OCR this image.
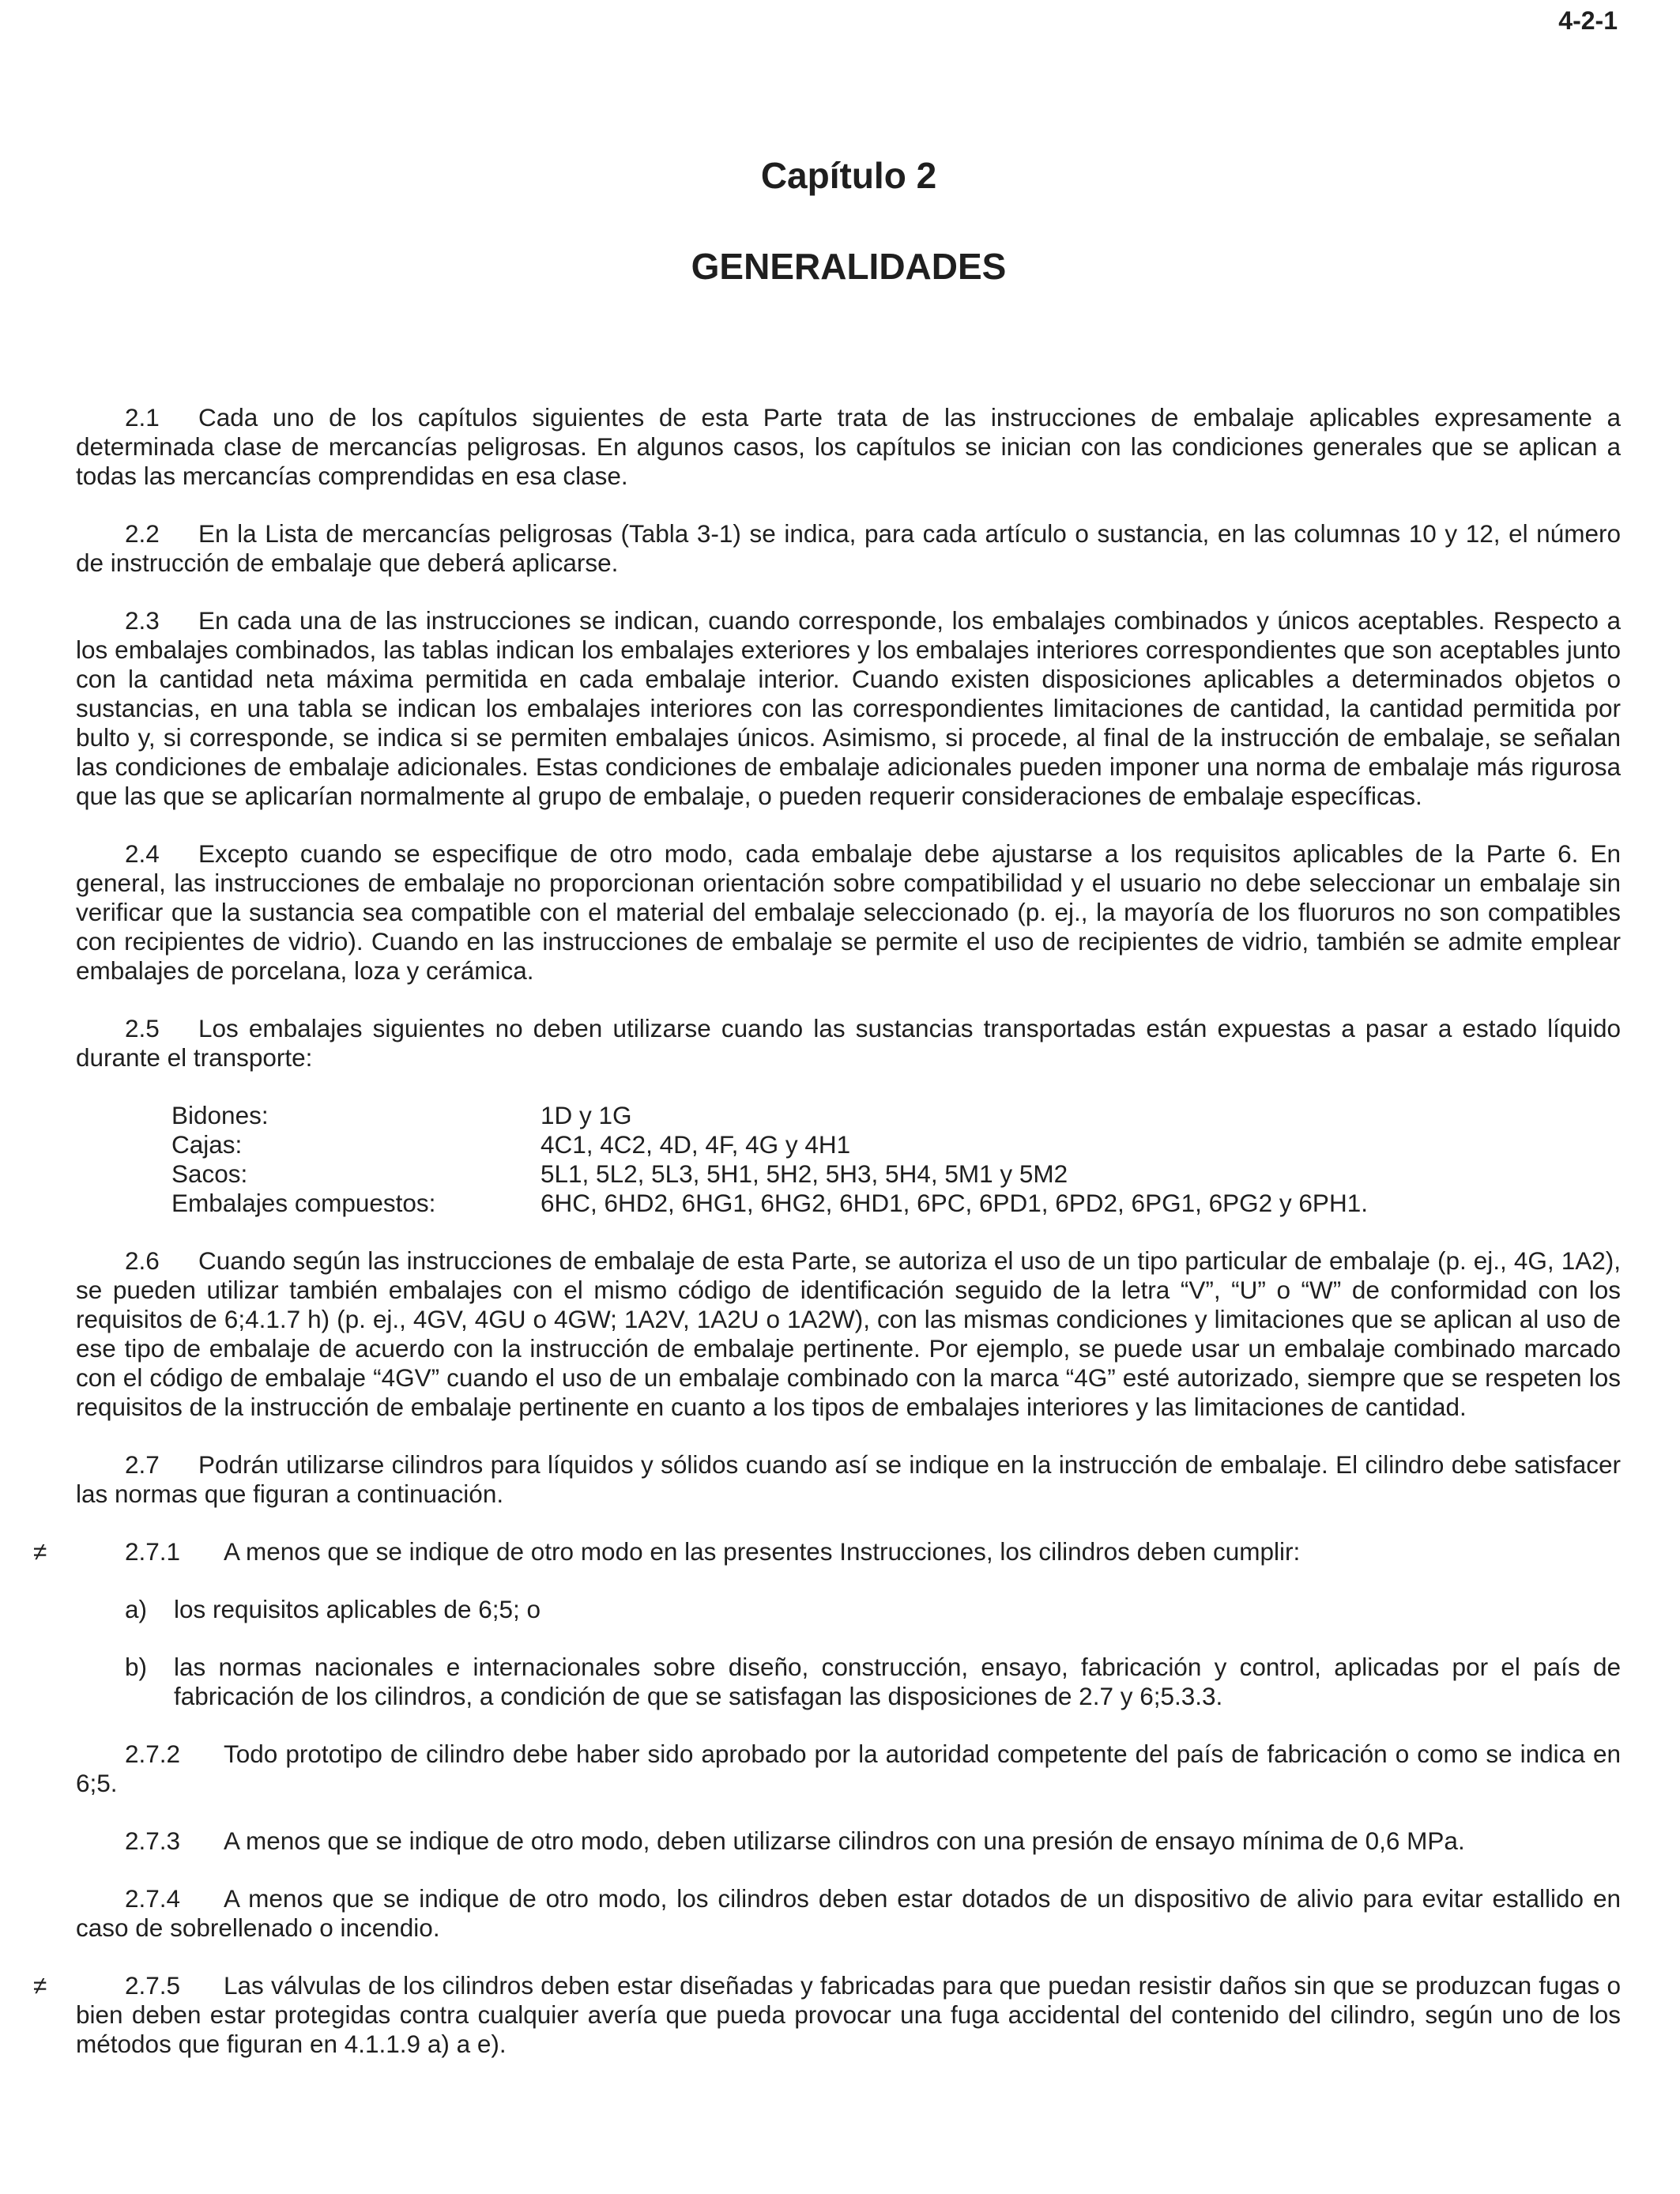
4-2-1
Capítulo 2
GENERALIDADES

2.1 Cada uno de los capítulos siguientes de esta Parte trata de las instrucciones de embalaje aplicables expresamente a determinada clase de mercancías peligrosas. En algunos casos, los capítulos se inician con las condiciones generales que se aplican a todas las mercancías comprendidas en esa clase.

2.2 En la Lista de mercancías peligrosas (Tabla 3-1) se indica, para cada artículo o sustancia, en las columnas 10 y 12, el número de instrucción de embalaje que deberá aplicarse.

2.3 En cada una de las instrucciones se indican, cuando corresponde, los embalajes combinados y únicos aceptables. Respecto a los embalajes combinados, las tablas indican los embalajes exteriores y los embalajes interiores correspondientes que son aceptables junto con la cantidad neta máxima permitida en cada embalaje interior. Cuando existen disposiciones aplicables a determinados objetos o sustancias, en una tabla se indican los embalajes interiores con las correspondientes limitaciones de cantidad, la cantidad permitida por bulto y, si corresponde, se indica si se permiten embalajes únicos. Asimismo, si procede, al final de la instrucción de embalaje, se señalan las condiciones de embalaje adicionales. Estas condiciones de embalaje adicionales pueden imponer una norma de embalaje más rigurosa que las que se aplicarían normalmente al grupo de embalaje, o pueden requerir consideraciones de embalaje específicas.

2.4 Excepto cuando se especifique de otro modo, cada embalaje debe ajustarse a los requisitos aplicables de la Parte 6. En general, las instrucciones de embalaje no proporcionan orientación sobre compatibilidad y el usuario no debe seleccionar un embalaje sin verificar que la sustancia sea compatible con el material del embalaje seleccionado (p. ej., la mayoría de los fluoruros no son compatibles con recipientes de vidrio). Cuando en las instrucciones de embalaje se permite el uso de recipientes de vidrio, también se admite emplear embalajes de porcelana, loza y cerámica.

2.5 Los embalajes siguientes no deben utilizarse cuando las sustancias transportadas están expuestas a pasar a estado líquido durante el transporte:

Bidones:	1D y 1G
Cajas:	4C1, 4C2, 4D, 4F, 4G y 4H1
Sacos:	5L1, 5L2, 5L3, 5H1, 5H2, 5H3, 5H4, 5M1 y 5M2
Embalajes compuestos:	6HC, 6HD2, 6HG1, 6HG2, 6HD1, 6PC, 6PD1, 6PD2, 6PG1, 6PG2 y 6PH1.

2.6 Cuando según las instrucciones de embalaje de esta Parte, se autoriza el uso de un tipo particular de embalaje (p. ej., 4G, 1A2), se pueden utilizar también embalajes con el mismo código de identificación seguido de la letra “V”, “U” o “W” de conformidad con los requisitos de 6;4.1.7 h) (p. ej., 4GV, 4GU o 4GW; 1A2V, 1A2U o 1A2W), con las mismas condiciones y limitaciones que se aplican al uso de ese tipo de embalaje de acuerdo con la instrucción de embalaje pertinente. Por ejemplo, se puede usar un embalaje combinado marcado con el código de embalaje “4GV” cuando el uso de un embalaje combinado con la marca “4G” esté autorizado, siempre que se respeten los requisitos de la instrucción de embalaje pertinente en cuanto a los tipos de embalajes interiores y las limitaciones de cantidad.

2.7 Podrán utilizarse cilindros para líquidos y sólidos cuando así se indique en la instrucción de embalaje. El cilindro debe satisfacer las normas que figuran a continuación.

≠	2.7.1 A menos que se indique de otro modo en las presentes Instrucciones, los cilindros deben cumplir:

a)	los requisitos aplicables de 6;5; o
b)	las normas nacionales e internacionales sobre diseño, construcción, ensayo, fabricación y control, aplicadas por el país de fabricación de los cilindros, a condición de que se satisfagan las disposiciones de 2.7 y 6;5.3.3.

2.7.2 Todo prototipo de cilindro debe haber sido aprobado por la autoridad competente del país de fabricación o como se indica en 6;5.

2.7.3 A menos que se indique de otro modo, deben utilizarse cilindros con una presión de ensayo mínima de 0,6 MPa.

2.7.4 A menos que se indique de otro modo, los cilindros deben estar dotados de un dispositivo de alivio para evitar estallido en caso de sobrellenado o incendio.

≠	2.7.5 Las válvulas de los cilindros deben estar diseñadas y fabricadas para que puedan resistir daños sin que se produzcan fugas o bien deben estar protegidas contra cualquier avería que pueda provocar una fuga accidental del contenido del cilindro, según uno de los métodos que figuran en 4.1.1.9 a) a e).
